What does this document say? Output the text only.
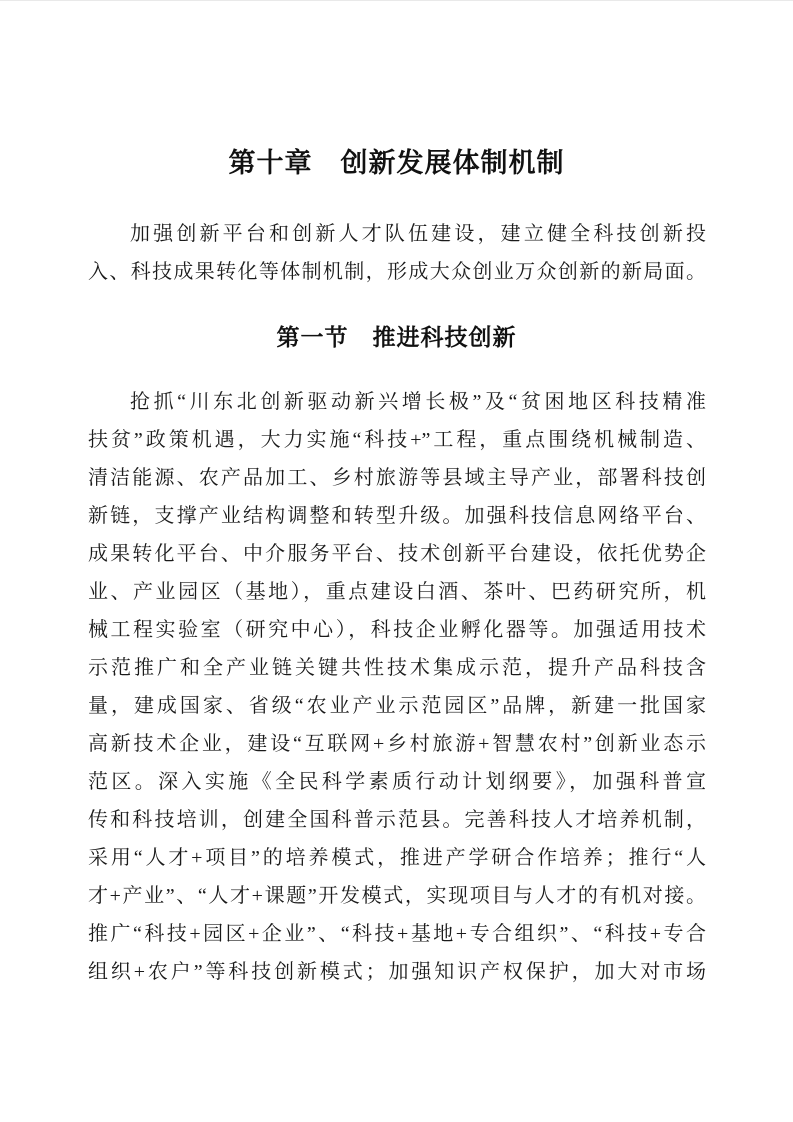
第十章　创新发展体制机制
加强创新平台和创新人才队伍建设，建立健全科技创新投
入、科技成果转化等体制机制，形成大众创业万众创新的新局面。
第一节　推进科技创新
抢抓“川东北创新驱动新兴增长极”及“贫困地区科技精准
扶贫”政策机遇，大力实施“科技+”工程，重点围绕机械制造、
清洁能源、农产品加工、乡村旅游等县域主导产业，部署科技创
新链，支撑产业结构调整和转型升级。加强科技信息网络平台、
成果转化平台、中介服务平台、技术创新平台建设，依托优势企
业、产业园区（基地），重点建设白酒、茶叶、巴药研究所，机
械工程实验室（研究中心），科技企业孵化器等。加强适用技术
示范推广和全产业链关键共性技术集成示范，提升产品科技含
量，建成国家、省级“农业产业示范园区”品牌，新建一批国家
高新技术企业，建设“互联网+乡村旅游+智慧农村”创新业态示
范区。深入实施《全民科学素质行动计划纲要》，加强科普宣
传和科技培训，创建全国科普示范县。完善科技人才培养机制，
采用“人才+项目”的培养模式，推进产学研合作培养；推行“人
才+产业”、“人才+课题”开发模式，实现项目与人才的有机对接。
推广“科技+园区+企业”、“科技+基地+专合组织”、“科技+专合
组织+农户”等科技创新模式；加强知识产权保护，加大对市场
